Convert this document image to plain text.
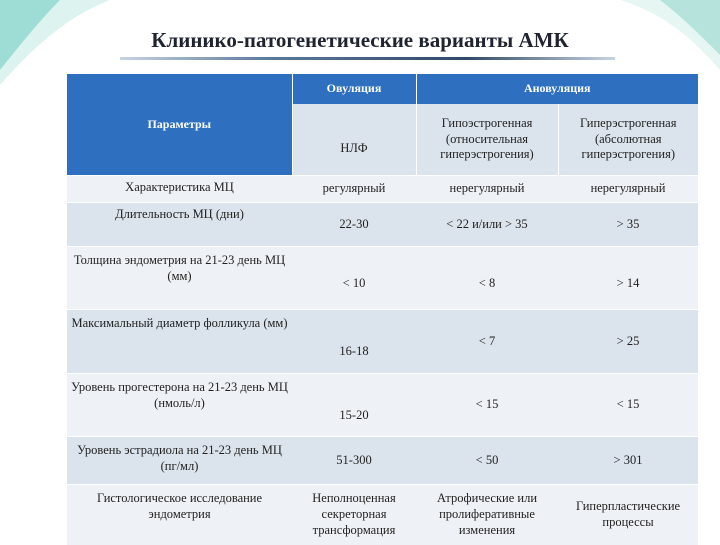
Клинико-патогенетические варианты АМК
Параметры	Овуляция	Ановуляция	
	НЛФ	Гипоэстрогенная (относительная гиперэстрогения)	Гиперэстрогенная (абсолютная гиперэстрогения)
Характеристика МЦ	регулярный	нерегулярный	нерегулярный
Длительность МЦ (дни)	22-30	< 22 и/или > 35	> 35
Толщина эндометрия на 21-23 день МЦ (мм)	< 10	< 8	> 14
Максимальный диаметр фолликула (мм)	16-18	< 7	> 25
Уровень прогестерона на 21-23 день МЦ (нмоль/л)	15-20	< 15	< 15
Уровень эстрадиола на 21-23 день МЦ (пг/мл)	51-300	< 50	> 301
Гистологическое исследование эндометрия	Неполноценная секреторная трансформация	Атрофические или пролиферативные изменения	Гиперпластические процессы
